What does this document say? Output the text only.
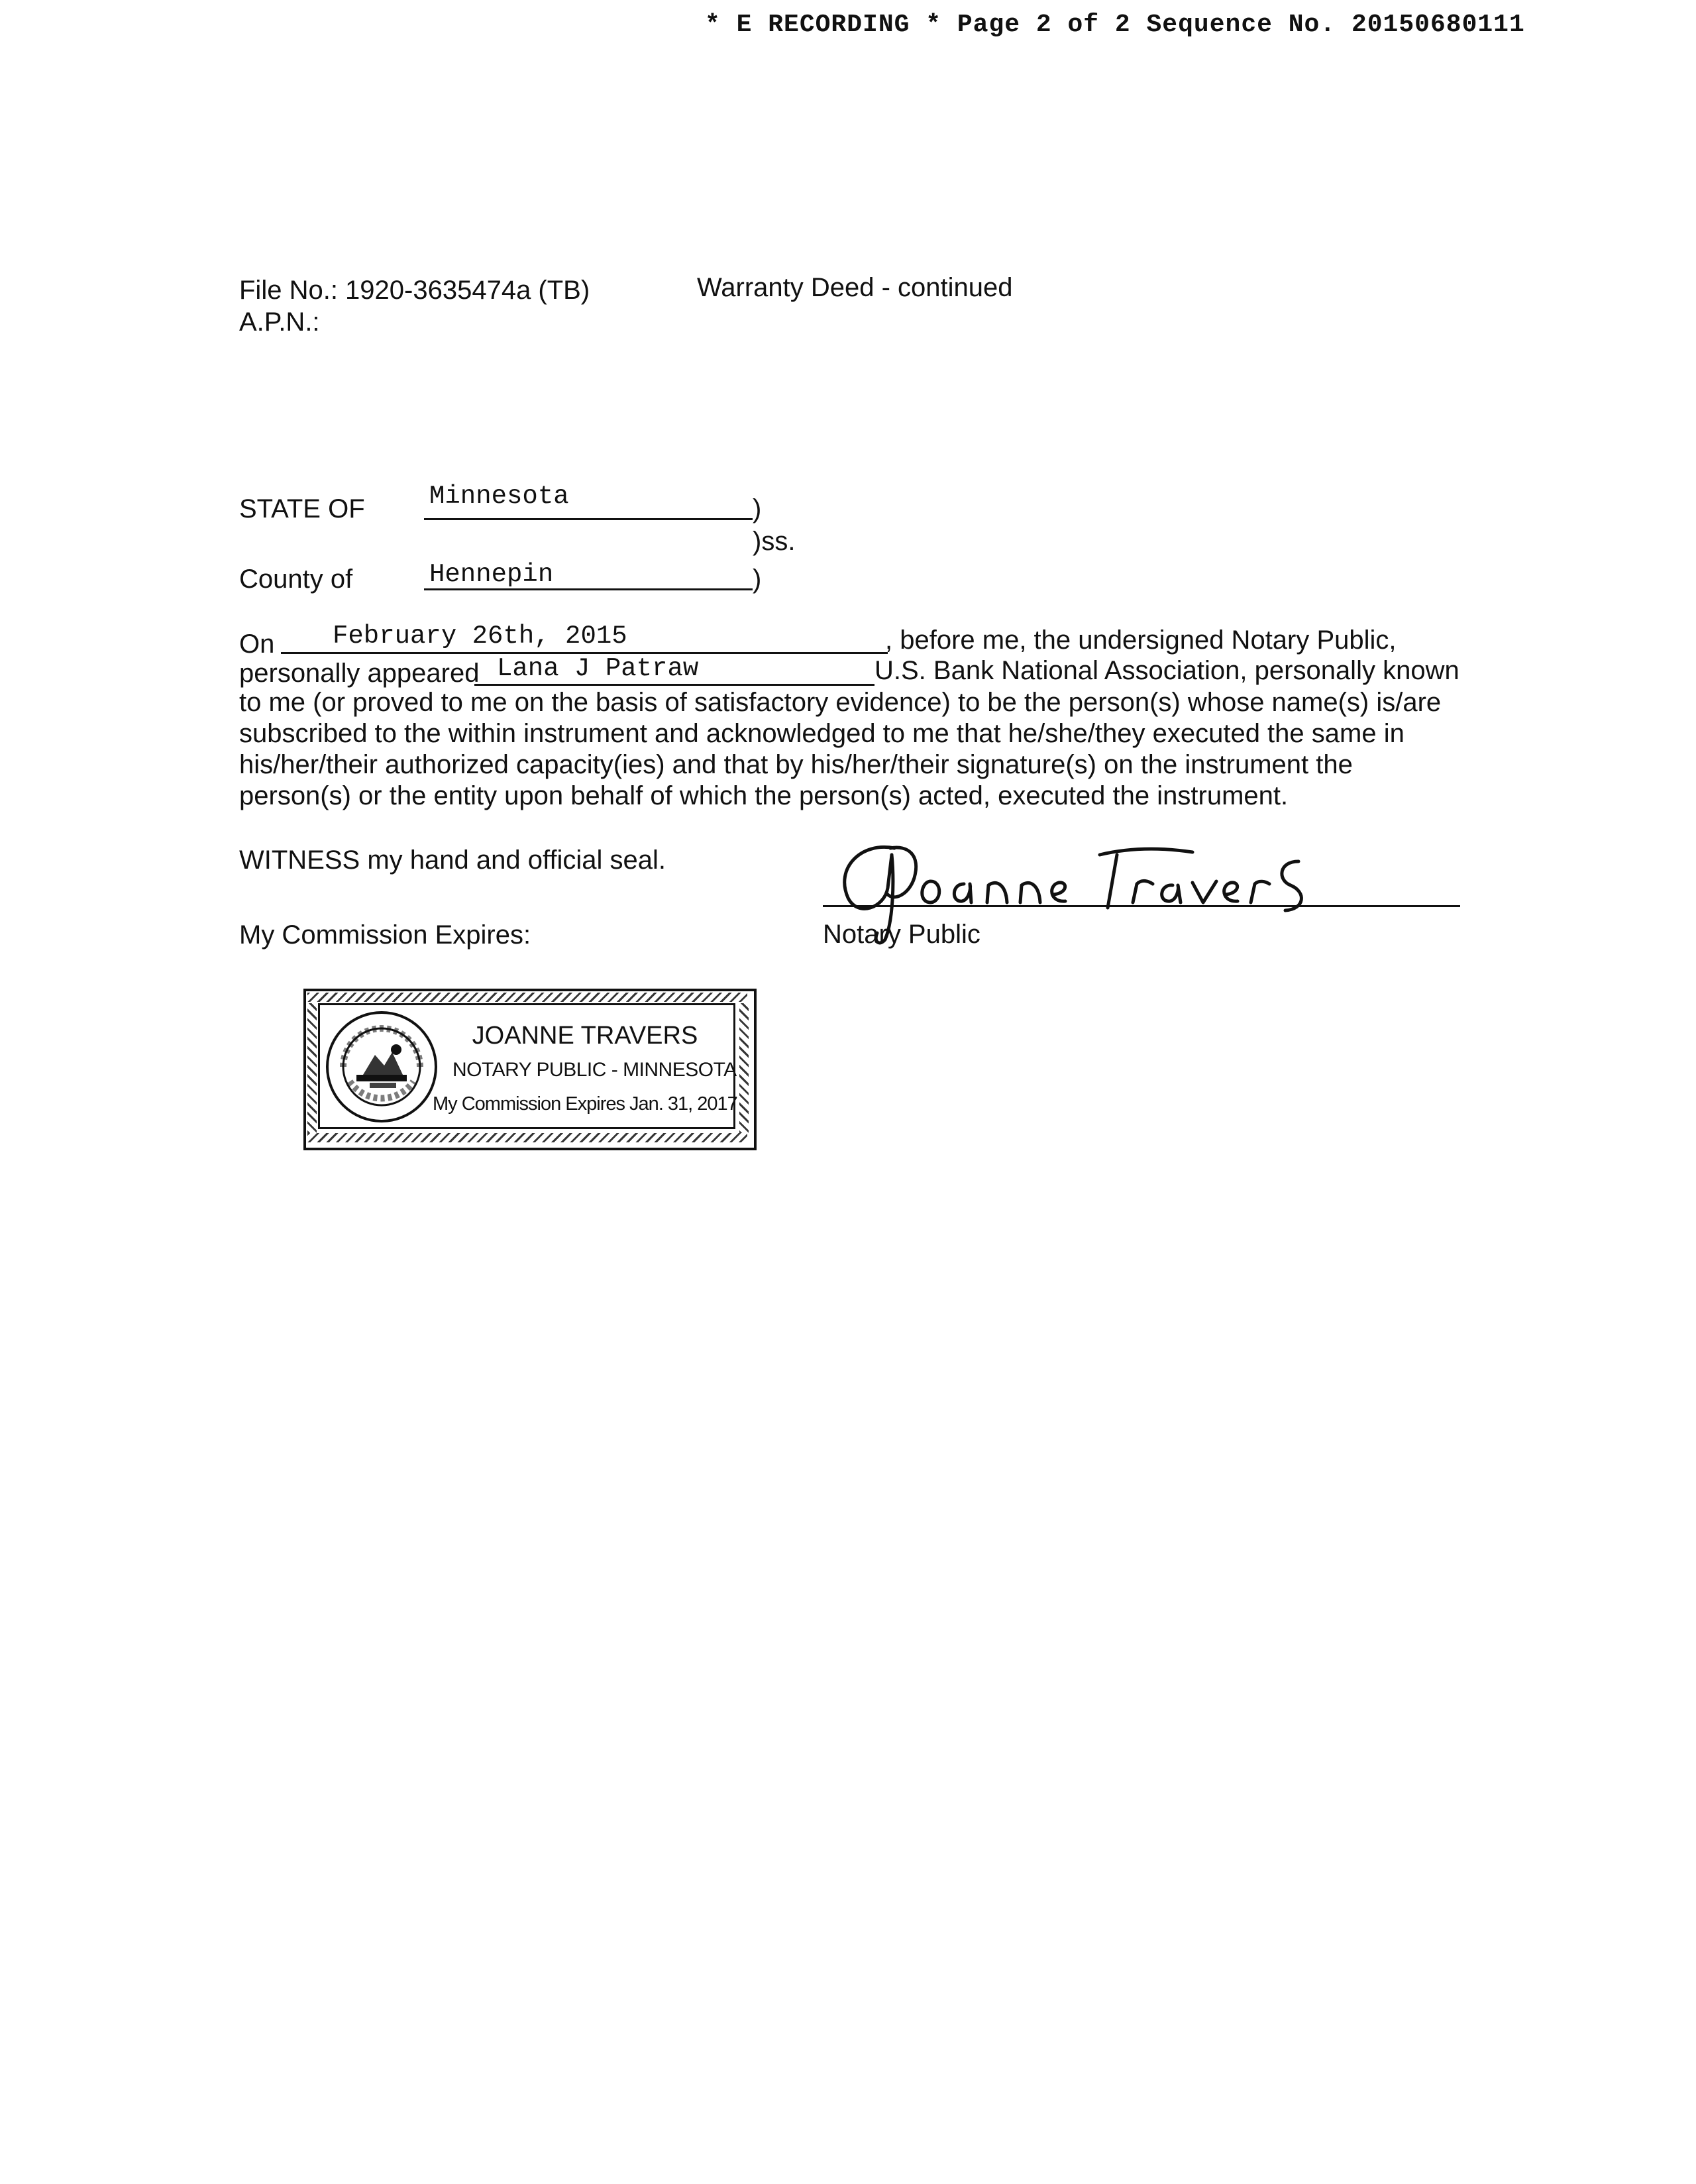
* E RECORDING * Page 2 of 2 Sequence No. 20150680111
File No.: 1920-3635474a (TB)
A.P.N.:
Warranty Deed - continued
STATE OF Minnesota	)
)ss.
County of	Hennepin	)
On February 26th, 2015	, before me, the undersigned Notary Public,
personally appeared Lana J Patraw	U.S. Bank National Association, personally known
to me (or proved to me on the basis of satisfactory evidence) to be the person(s) whose name(s) is/are
subscribed to the within instrument and acknowledged to me that he/she/they executed the same in
his/her/their authorized capacity(ies) and that by his/her/their signature(s) on the instrument the
person(s) or the entity upon behalf of which the person(s) acted, executed the instrument.
WITNESS my hand and official seal.
My Commission Expires:	Notary Public
JOANNE TRAVERS
NOTARY PUBLIC - MINNESOTA
My Commission Expires Jan. 31, 2017
